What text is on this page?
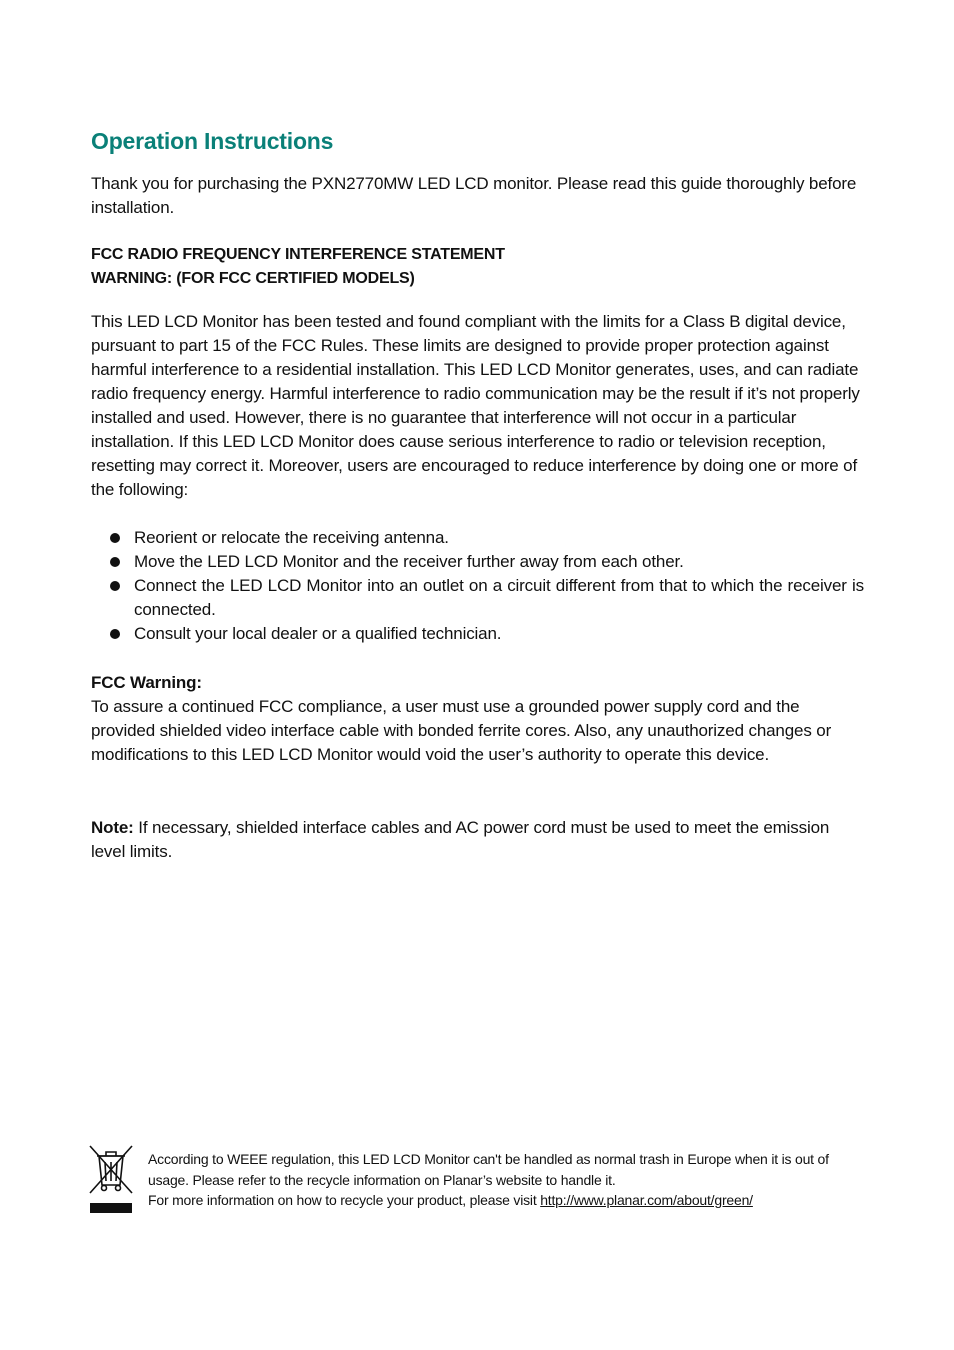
Operation Instructions

Thank you for purchasing the PXN2770MW LED LCD monitor. Please read this guide thoroughly before installation.

FCC RADIO FREQUENCY INTERFERENCE STATEMENT
WARNING: (FOR FCC CERTIFIED MODELS)

This LED LCD Monitor has been tested and found compliant with the limits for a Class B digital device, pursuant to part 15 of the FCC Rules. These limits are designed to provide proper protection against harmful interference to a residential installation. This LED LCD Monitor generates, uses, and can radiate radio frequency energy. Harmful interference to radio communication may be the result if it’s not properly installed and used. However, there is no guarantee that interference will not occur in a particular installation. If this LED LCD Monitor does cause serious interference to radio or television reception, resetting may correct it. Moreover, users are encouraged to reduce interference by doing one or more of the following:

Reorient or relocate the receiving antenna.
Move the LED LCD Monitor and the receiver further away from each other.
Connect the LED LCD Monitor into an outlet on a circuit different from that to which the receiver is connected.
Consult your local dealer or a qualified technician.
FCC Warning:
To assure a continued FCC compliance, a user must use a grounded power supply cord and the provided shielded video interface cable with bonded ferrite cores. Also, any unauthorized changes or modifications to this LED LCD Monitor would void the user’s authority to operate this device.

Note: If necessary, shielded interface cables and AC power cord must be used to meet the emission level limits.

According to WEEE regulation, this LED LCD Monitor can't be handled as normal trash in Europe when it is out of usage. Please refer to the recycle information on Planar’s website to handle it.
For more information on how to recycle your product, please visit http://www.planar.com/about/green/
